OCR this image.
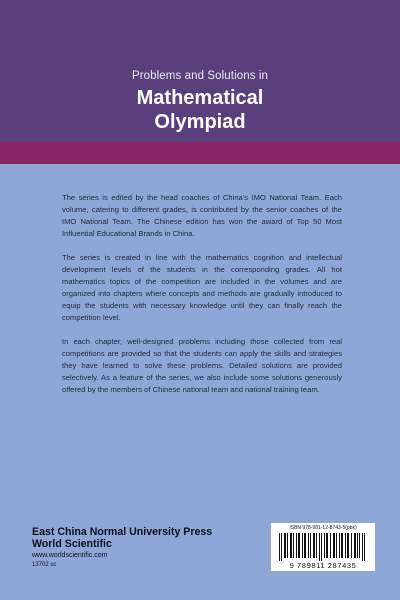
Problems and Solutions in
Mathematical
Olympiad

The series is edited by the head coaches of China's IMO National Team. Each volume, catering to different grades, is contributed by the senior coaches of the IMO National Team. The Chinese edition has won the award of Top 50 Most Influential Educational Brands in China.

The series is created in line with the mathematics cognition and intellectual development levels of the students in the corresponding grades. All hot mathematics topics of the competition are included in the volumes and are organized into chapters where concepts and methods are gradually introduced to equip the students with necessary knowledge until they can finally reach the competition level.

In each chapter, well-designed problems including those collected from real competitions are provided so that the students can apply the skills and strategies they have learned to solve these problems. Detailed solutions are provided selectively. As a feature of the series, we also include some solutions generously offered by the members of Chinese national team and national training team.

East China Normal University Press
World Scientific
www.worldscientific.com
13702 sc
ISBN 978-981-12-8743-5(pbk)
9 789811 287435
